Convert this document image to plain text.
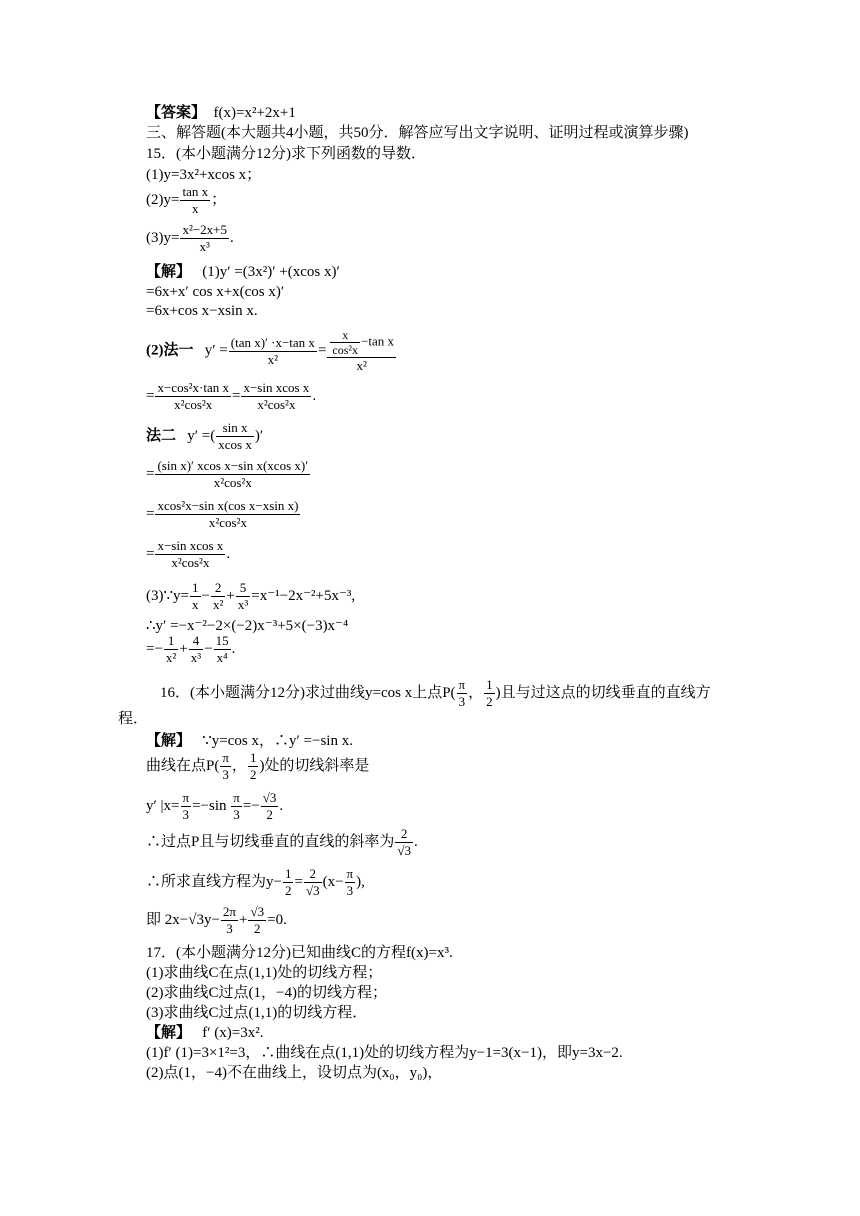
【答案】 f(x)=x²+2x+1
三、解答题(本大题共4小题，共50分．解答应写出文字说明、证明过程或演算步骤)
15．(本小题满分12分)求下列函数的导数．
(1)y=3x²+xcos x；
$(2)y= \frac{\text{tan x}}{x}$ ；
$(3)y= \frac{\text{x²−2x+5}}{\text{x³}}$ .
【解】 (1)y′ =(3x²)′ +(xcos x)′
=6x+x′ cos x+x(cos x)′
=6x+cos x−xsin x.
(2)法一   $y' = \frac{\text{(tan x)′ ·x−tan x}}{\text{x²}} = \frac{\frac{x}{\text{cos²x}} -\tan x}{\text{x²}}$
= $\frac{\text{x−cos²x·tan x}}{\text{x²cos²x}} = \frac{\text{x−sin xcos x}}{\text{x²cos²x}}$ .
法二   y′ =( $\frac{\text{sin x}}{\text{xcos x}}$ )′
= $\frac{\text{(sin x)′ xcos x−sin x(xcos x)′}}{\text{x²cos²x}}$
= $\frac{\text{xcos²x−sin x(cos x−xsin x)}}{\text{x²cos²x}}$
= $\frac{\text{x−sin xcos x}}{\text{x²cos²x}}$ .
(3)∵y= $\frac{1}{x} - \frac{2}{\text{x²}} + \frac{5}{\text{x³}} =x^{-1}-2x^{-2}+5x^{-3}$,
∴y′ =−x⁻²−2×(−2)x⁻³+5×(−3)x⁻⁴
=− $\frac{1}{\text{x²}} + \frac{4}{\text{x³}} - \frac{15}{\text{x⁴}}$ .
16．(本小题满分12分)求过曲线y=cos x上点$P( \frac{\pi}{3}$ ， $\frac{1}{2}$ )且与过这点的切线垂直的直线方
程．
【解】 ∵y=cos x，∴y′ =−sin x.
曲线在点$P( \frac{\pi}{3}$ ， $\frac{1}{2}$ )处的切线斜率是
y′ $|x= \frac{\pi}{3} =-\sin \frac{\pi}{3} =- \frac{√3}{2}$ .
∴过点P且与切线垂直的直线的斜率为 $\frac{2}{√3}$ .
∴所求直线方程为$y- \frac{1}{2} = \frac{2}{√3} (x- \frac{\pi}{3}$ ),
即 $2x-√3y- \frac{2\pi}{3} + \frac{√3}{2} =0$.
17．(本小题满分12分)已知曲线C的方程f(x)=x³.
(1)求曲线C在点(1,1)处的切线方程；
(2)求曲线C过点(1，−4)的切线方程；
(3)求曲线C过点(1,1)的切线方程．
【解】 f′ (x)=3x².
(1)f′ (1)=3×1²=3，∴曲线在点(1,1)处的切线方程为y−1=3(x−1)，即y=3x−2.
(2)点(1，−4)不在曲线上，设切点为(x₀，y₀)，
